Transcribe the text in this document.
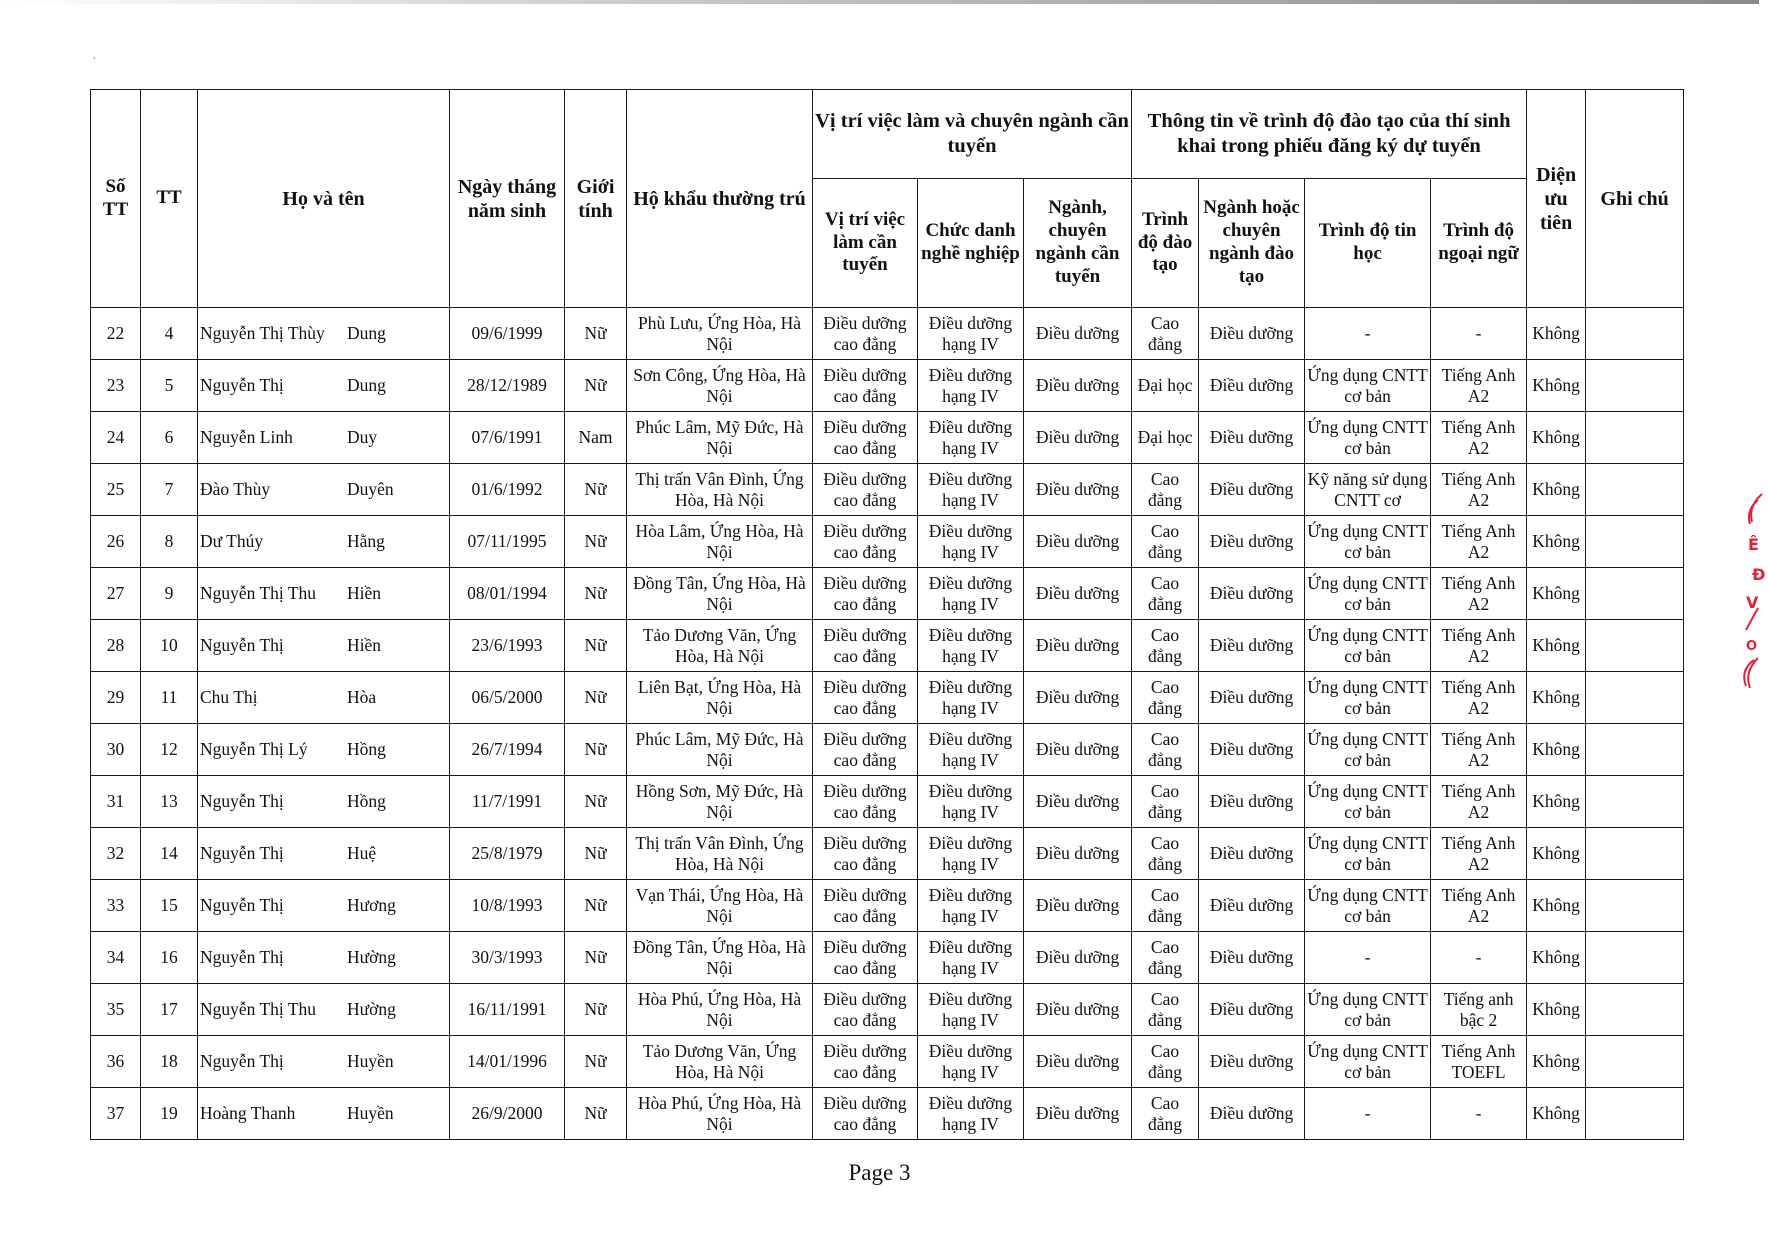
·
Số TT	TT	Họ và tên	Ngày tháng năm sinh	Giới tính	Hộ khẩu thường trú	Vị trí việc làm và chuyên ngành cần tuyển			Thông tin về trình độ đào tạo của thí sinh khai trong phiếu đăng ký dự tuyển				Diện ưu tiên	Ghi chú
						Vị trí việc làm cần tuyển	Chức danh nghề nghiệp	Ngành, chuyên ngành cần tuyển	Trình độ đào tạo	Ngành hoặc chuyên ngành đào tạo	Trình độ tin học	Trình độ ngoại ngữ		
22	4	Nguyễn Thị Thùy Dung	09/6/1999	Nữ	Phù Lưu, Ứng Hòa, Hà Nội	Điều dưỡng cao đẳng	Điều dưỡng hạng IV	Điều dưỡng	Cao đẳng	Điều dưỡng	-	-	Không	
23	5	Nguyễn Thị Dung	28/12/1989	Nữ	Sơn Công, Ứng Hòa, Hà Nội	Điều dưỡng cao đẳng	Điều dưỡng hạng IV	Điều dưỡng	Đại học	Điều dưỡng	Ứng dụng CNTT cơ bản	Tiếng Anh A2	Không	
24	6	Nguyễn Linh Duy	07/6/1991	Nam	Phúc Lâm, Mỹ Đức, Hà Nội	Điều dưỡng cao đẳng	Điều dưỡng hạng IV	Điều dưỡng	Đại học	Điều dưỡng	Ứng dụng CNTT cơ bản	Tiếng Anh A2	Không	
25	7	Đào Thùy Duyên	01/6/1992	Nữ	Thị trấn Vân Đình, Ứng Hòa, Hà Nội	Điều dưỡng cao đẳng	Điều dưỡng hạng IV	Điều dưỡng	Cao đẳng	Điều dưỡng	Kỹ năng sử dụng CNTT cơ	Tiếng Anh A2	Không	
26	8	Dư Thúy Hằng	07/11/1995	Nữ	Hòa Lâm, Ứng Hòa, Hà Nội	Điều dưỡng cao đẳng	Điều dưỡng hạng IV	Điều dưỡng	Cao đẳng	Điều dưỡng	Ứng dụng CNTT cơ bản	Tiếng Anh A2	Không	
27	9	Nguyễn Thị Thu Hiền	08/01/1994	Nữ	Đồng Tân, Ứng Hòa, Hà Nội	Điều dưỡng cao đẳng	Điều dưỡng hạng IV	Điều dưỡng	Cao đẳng	Điều dưỡng	Ứng dụng CNTT cơ bản	Tiếng Anh A2	Không	
28	10	Nguyễn Thị Hiền	23/6/1993	Nữ	Tảo Dương Văn, Ứng Hòa, Hà Nội	Điều dưỡng cao đẳng	Điều dưỡng hạng IV	Điều dưỡng	Cao đẳng	Điều dưỡng	Ứng dụng CNTT cơ bản	Tiếng Anh A2	Không	
29	11	Chu Thị Hòa	06/5/2000	Nữ	Liên Bạt, Ứng Hòa, Hà Nội	Điều dưỡng cao đẳng	Điều dưỡng hạng IV	Điều dưỡng	Cao đẳng	Điều dưỡng	Ứng dụng CNTT cơ bản	Tiếng Anh A2	Không	
30	12	Nguyễn Thị Lý Hồng	26/7/1994	Nữ	Phúc Lâm, Mỹ Đức, Hà Nội	Điều dưỡng cao đẳng	Điều dưỡng hạng IV	Điều dưỡng	Cao đẳng	Điều dưỡng	Ứng dụng CNTT cơ bản	Tiếng Anh A2	Không	
31	13	Nguyễn Thị Hồng	11/7/1991	Nữ	Hồng Sơn, Mỹ Đức, Hà Nội	Điều dưỡng cao đẳng	Điều dưỡng hạng IV	Điều dưỡng	Cao đẳng	Điều dưỡng	Ứng dụng CNTT cơ bản	Tiếng Anh A2	Không	
32	14	Nguyễn Thị Huệ	25/8/1979	Nữ	Thị trấn Vân Đình, Ứng Hòa, Hà Nội	Điều dưỡng cao đẳng	Điều dưỡng hạng IV	Điều dưỡng	Cao đẳng	Điều dưỡng	Ứng dụng CNTT cơ bản	Tiếng Anh A2	Không	
33	15	Nguyễn Thị Hương	10/8/1993	Nữ	Vạn Thái, Ứng Hòa, Hà Nội	Điều dưỡng cao đẳng	Điều dưỡng hạng IV	Điều dưỡng	Cao đẳng	Điều dưỡng	Ứng dụng CNTT cơ bản	Tiếng Anh A2	Không	
34	16	Nguyễn Thị Hường	30/3/1993	Nữ	Đồng Tân, Ứng Hòa, Hà Nội	Điều dưỡng cao đẳng	Điều dưỡng hạng IV	Điều dưỡng	Cao đẳng	Điều dưỡng	-	-	Không	
35	17	Nguyễn Thị Thu Hường	16/11/1991	Nữ	Hòa Phú, Ứng Hòa, Hà Nội	Điều dưỡng cao đẳng	Điều dưỡng hạng IV	Điều dưỡng	Cao đẳng	Điều dưỡng	Ứng dụng CNTT cơ bản	Tiếng anh bậc 2	Không	
36	18	Nguyễn Thị Huyền	14/01/1996	Nữ	Tảo Dương Văn, Ứng Hòa, Hà Nội	Điều dưỡng cao đẳng	Điều dưỡng hạng IV	Điều dưỡng	Cao đẳng	Điều dưỡng	Ứng dụng CNTT cơ bản	Tiếng Anh TOEFL	Không	
37	19	Hoàng Thanh Huyền	26/9/2000	Nữ	Hòa Phú, Ứng Hòa, Hà Nội	Điều dưỡng cao đẳng	Điều dưỡng hạng IV	Điều dưỡng	Cao đẳng	Điều dưỡng	-	-	Không	
Page 3
Ê
Đ
V
O
